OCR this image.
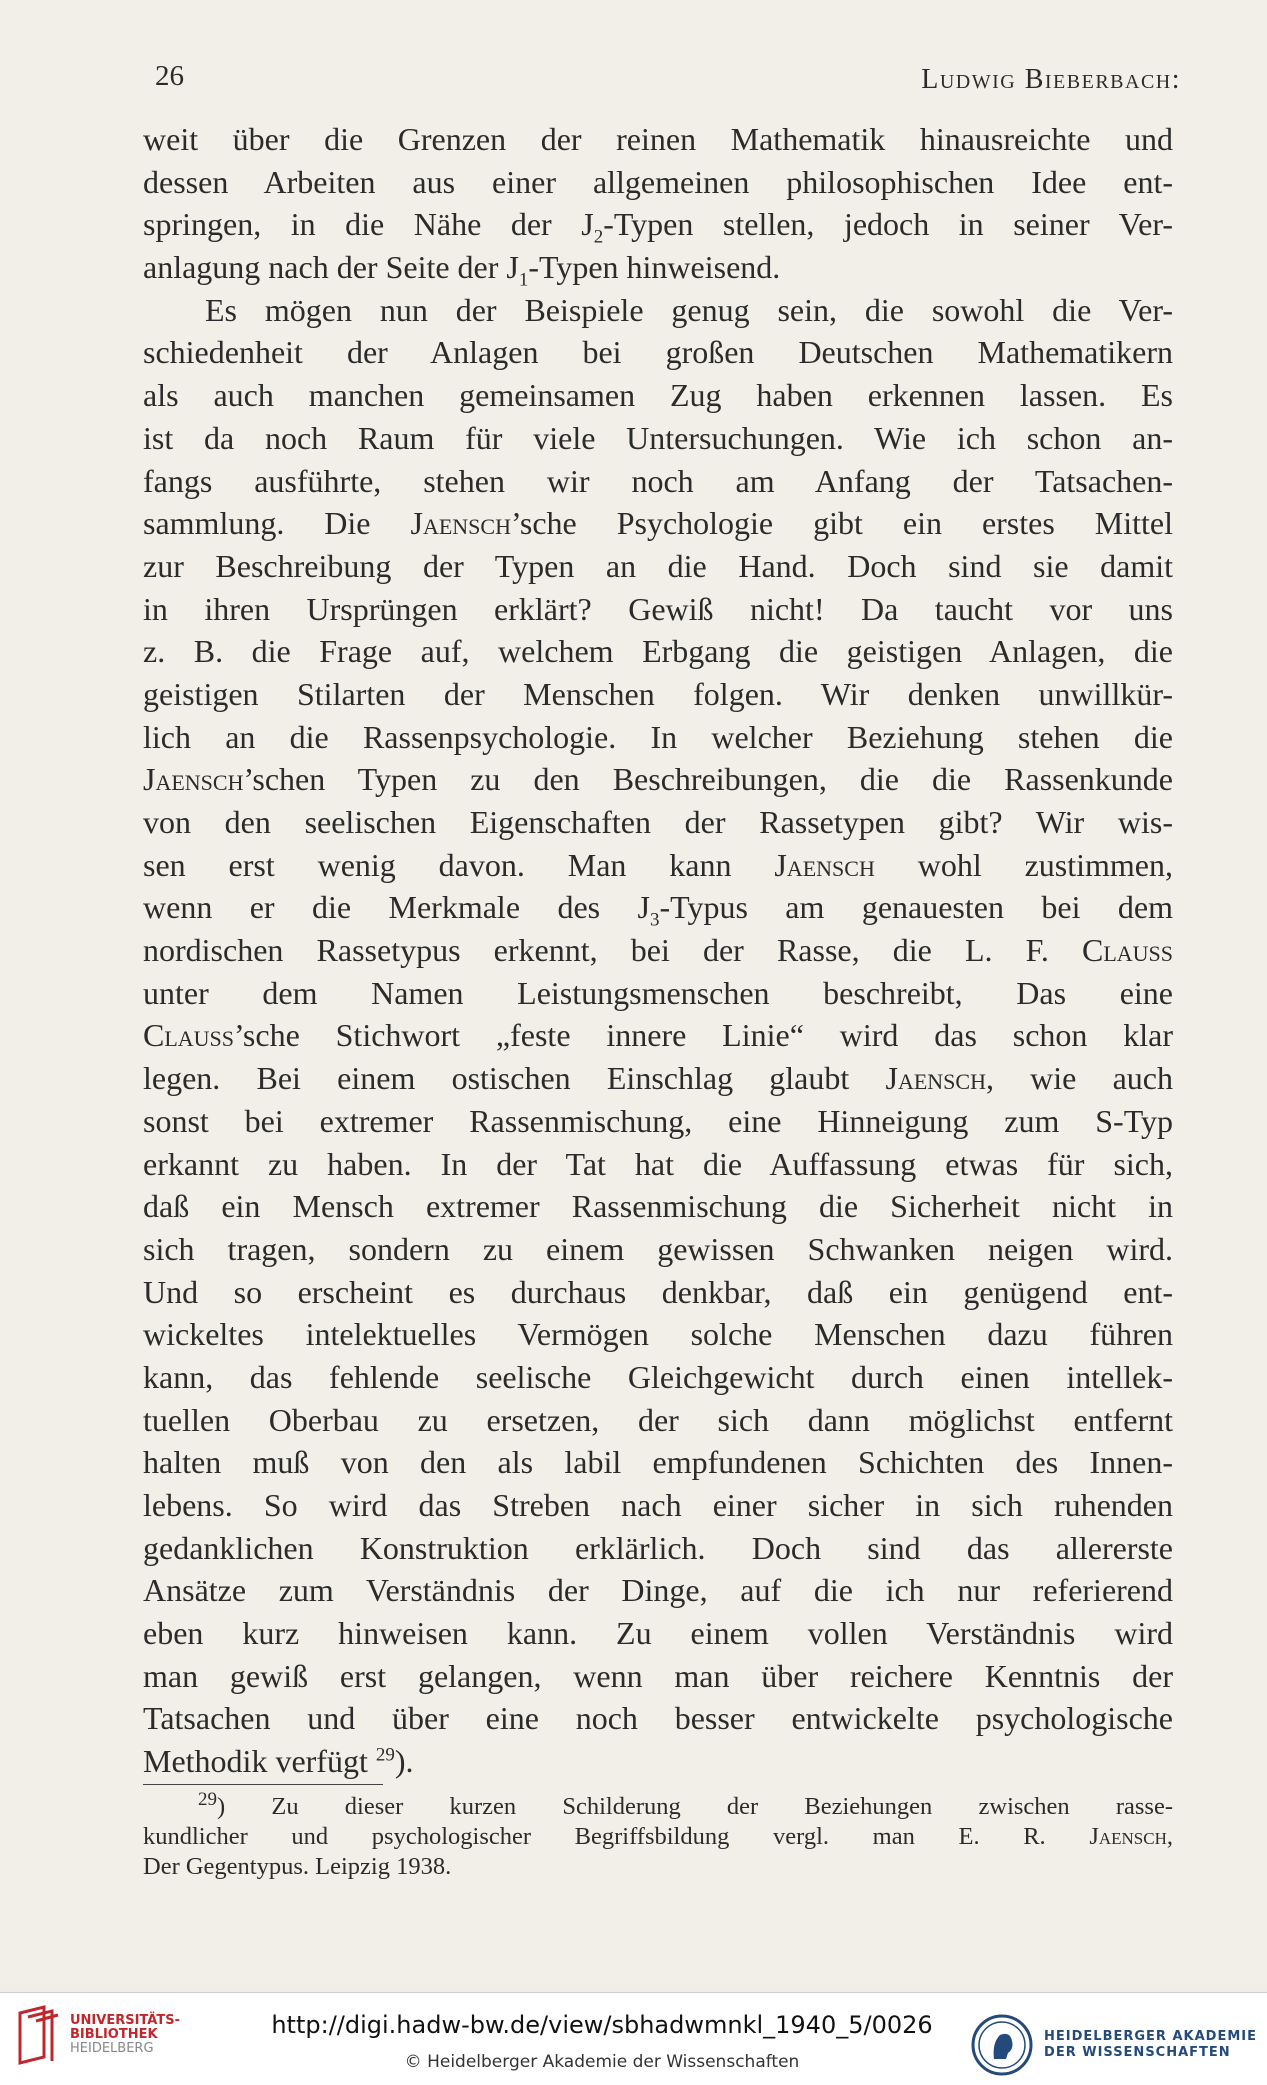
26	Ludwig Bieberbach:
weit über die Grenzen der reinen Mathematik hinausreichte und
dessen Arbeiten aus einer allgemeinen philosophischen Idee ent-
springen, in die Nähe der $J_2$-Typen stellen, jedoch in seiner Ver-
anlagung nach der Seite der $J_1$-Typen hinweisend.
Es mögen nun der Beispiele genug sein, die sowohl die Ver-
schiedenheit der Anlagen bei großen Deutschen Mathematikern
als auch manchen gemeinsamen Zug haben erkennen lassen. Es
ist da noch Raum für viele Untersuchungen. Wie ich schon an-
fangs ausführte, stehen wir noch am Anfang der Tatsachen-
sammlung. Die Jaensch’sche Psychologie gibt ein erstes Mittel
zur Beschreibung der Typen an die Hand. Doch sind sie damit
in ihren Ursprüngen erklärt? Gewiß nicht! Da taucht vor uns
z. B. die Frage auf, welchem Erbgang die geistigen Anlagen, die
geistigen Stilarten der Menschen folgen. Wir denken unwillkür-
lich an die Rassenpsychologie. In welcher Beziehung stehen die
Jaensch’schen Typen zu den Beschreibungen, die die Rassenkunde
von den seelischen Eigenschaften der Rassetypen gibt? Wir wis-
sen erst wenig davon. Man kann Jaensch wohl zustimmen,
wenn er die Merkmale des $J_3$-Typus am genauesten bei dem
nordischen Rassetypus erkennt, bei der Rasse, die L. F. Clauss
unter dem Namen Leistungsmenschen beschreibt, Das eine
Clauss’sche Stichwort „feste innere Linie“ wird das schon klar
legen. Bei einem ostischen Einschlag glaubt Jaensch, wie auch
sonst bei extremer Rassenmischung, eine Hinneigung zum S-Typ
erkannt zu haben. In der Tat hat die Auffassung etwas für sich,
daß ein Mensch extremer Rassenmischung die Sicherheit nicht in
sich tragen, sondern zu einem gewissen Schwanken neigen wird.
Und so erscheint es durchaus denkbar, daß ein genügend ent-
wickeltes intelektuelles Vermögen solche Menschen dazu führen
kann, das fehlende seelische Gleichgewicht durch einen intellek-
tuellen Oberbau zu ersetzen, der sich dann möglichst entfernt
halten muß von den als labil empfundenen Schichten des Innen-
lebens. So wird das Streben nach einer sicher in sich ruhenden
gedanklichen Konstruktion erklärlich. Doch sind das allererste
Ansätze zum Verständnis der Dinge, auf die ich nur referierend
eben kurz hinweisen kann. Zu einem vollen Verständnis wird
man gewiß erst gelangen, wenn man über reichere Kenntnis der
Tatsachen und über eine noch besser entwickelte psychologische
Methodik verfügt $^{29}$).
$^{29}$) Zu dieser kurzen Schilderung der Beziehungen zwischen rasse-
kundlicher und psychologischer Begriffsbildung vergl. man E. R. Jaensch,
Der Gegentypus. Leipzig 1938.
UNIVERSITÄTS-
BIBLIOTHEK
HEIDELBERG
http://digi.hadw-bw.de/view/sbhadwmnkl_1940_5/0026
© Heidelberger Akademie der Wissenschaften
HEIDELBERGER AKADEMIE
DER WISSENSCHAFTEN
